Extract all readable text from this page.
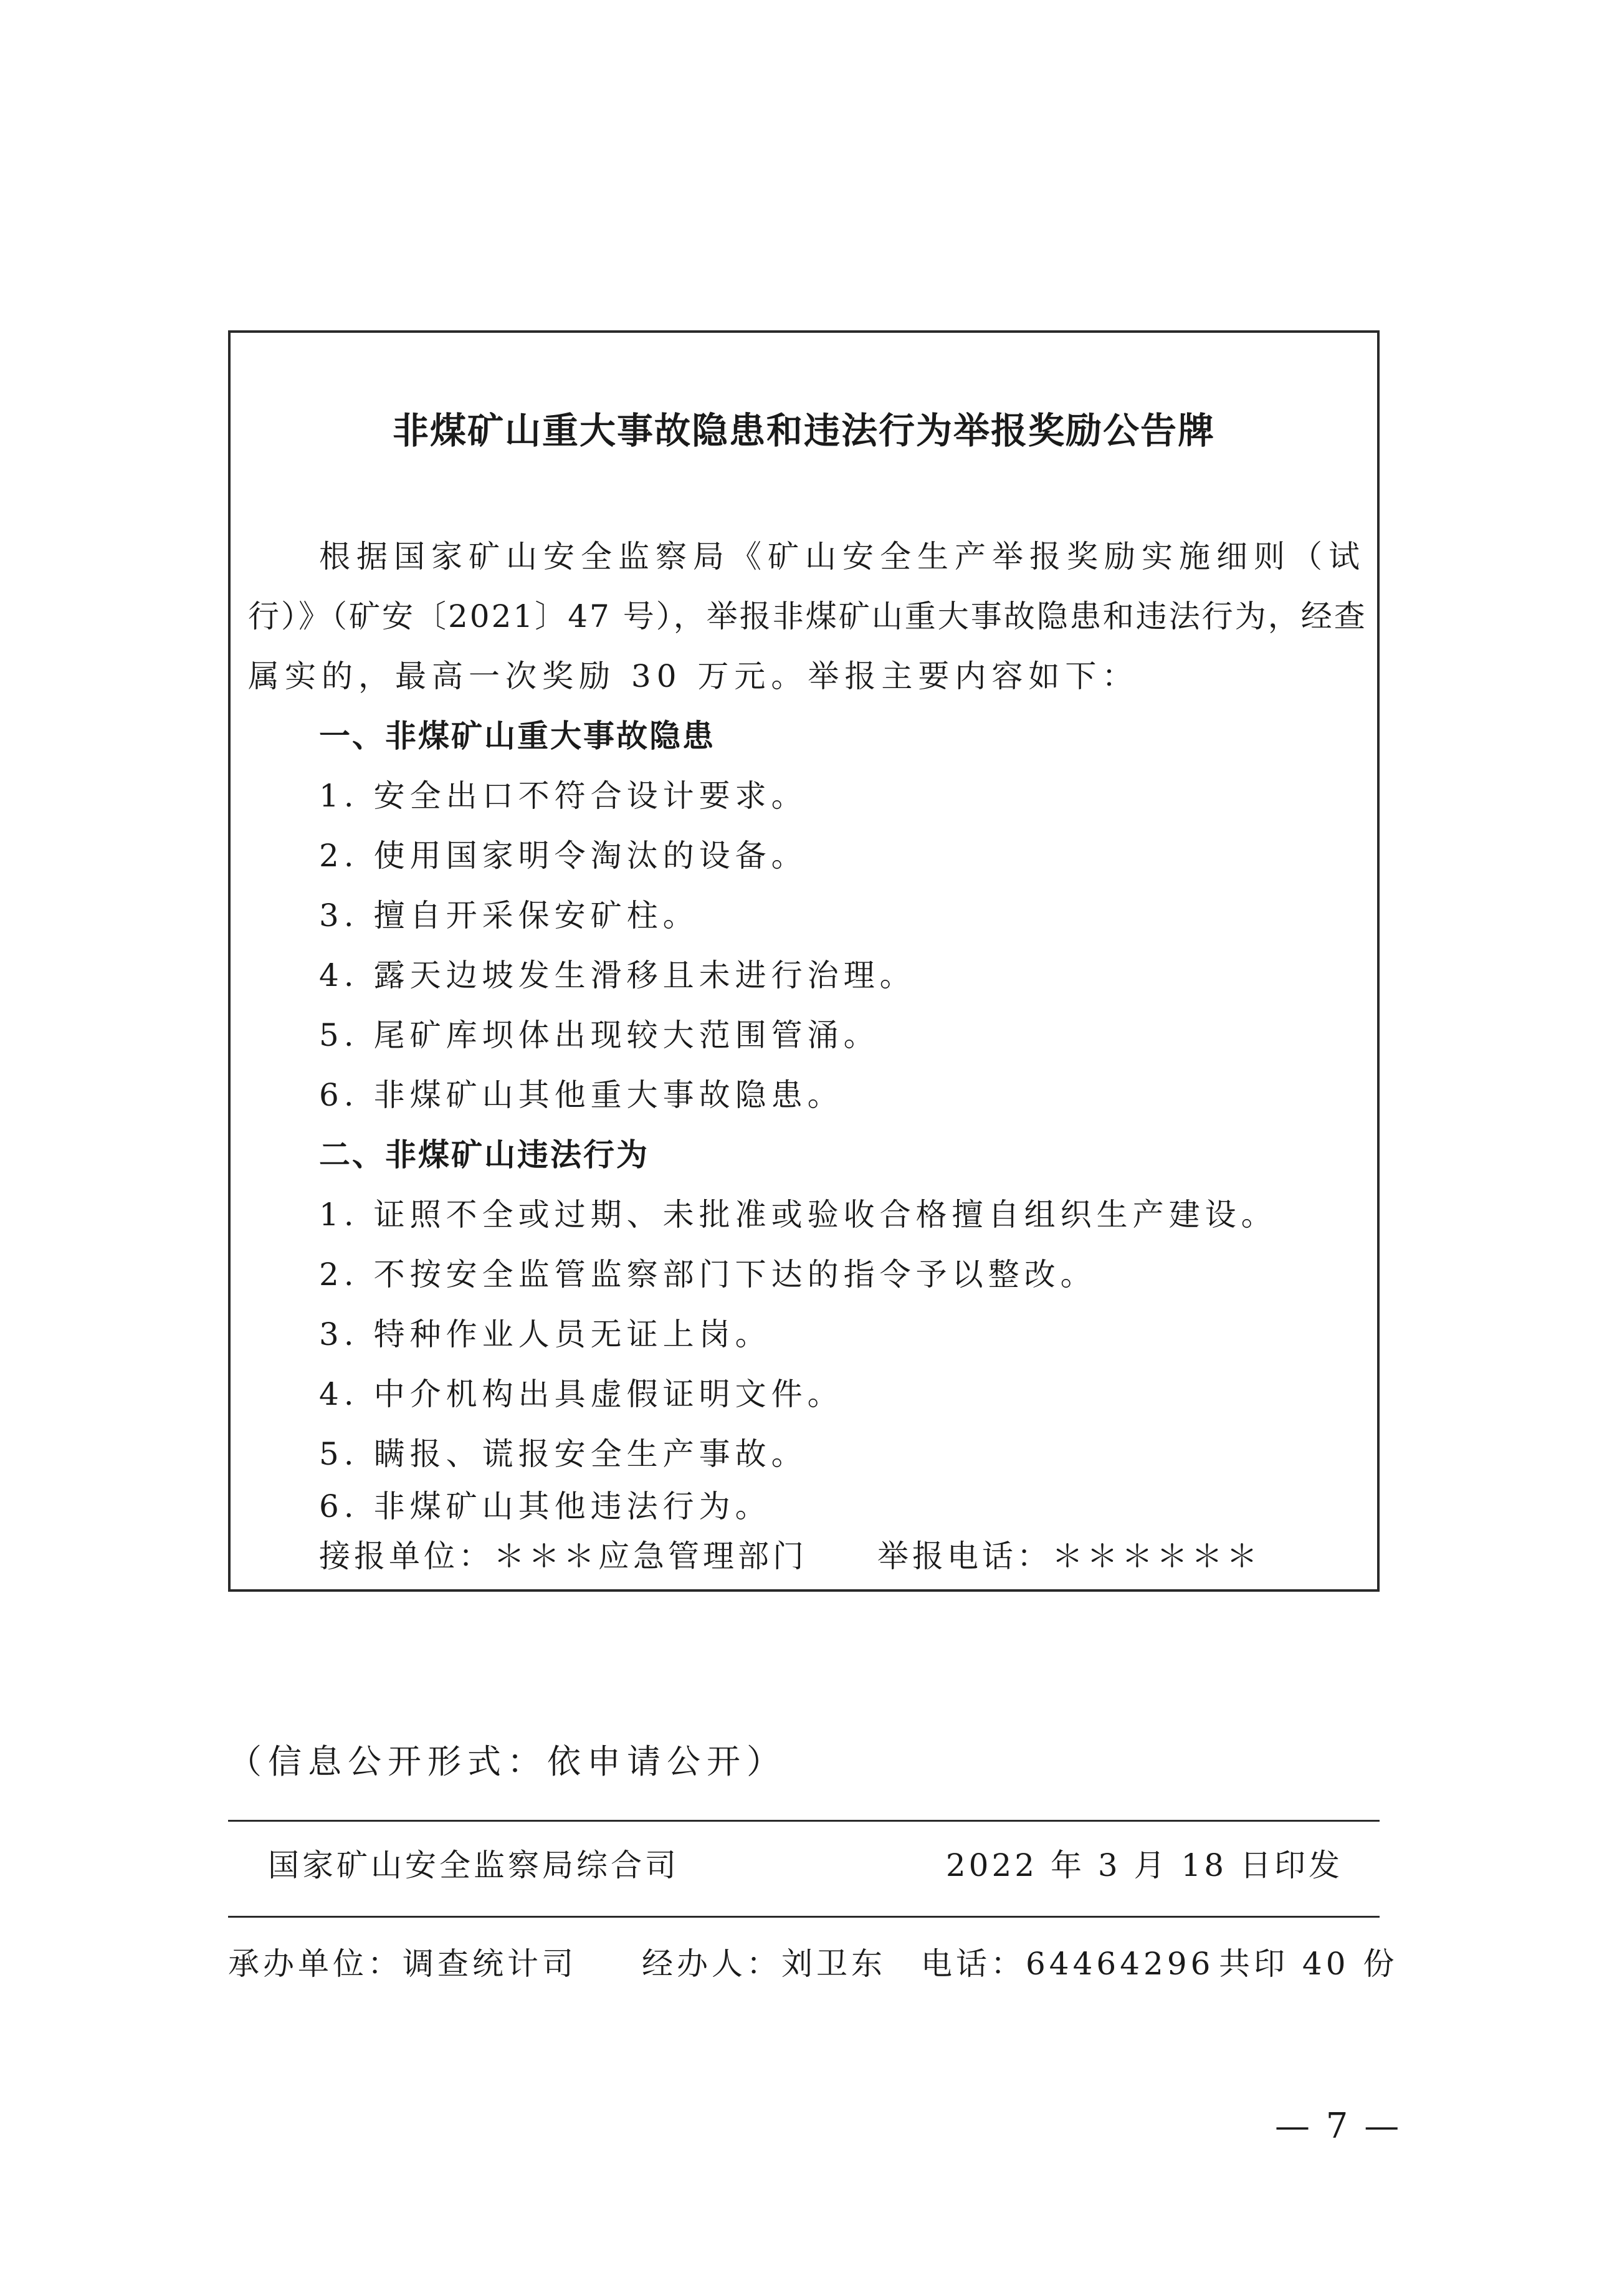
非煤矿山重大事故隐患和违法行为举报奖励公告牌
根据国家矿山安全监察局《矿山安全生产举报奖励实施细则（试
行）》（矿安〔2021〕47 号），举报非煤矿山重大事故隐患和违法行为，经查
属实的，最高一次奖励 30 万元。举报主要内容如下：
一、非煤矿山重大事故隐患
1. 安全出口不符合设计要求。
2. 使用国家明令淘汰的设备。
3. 擅自开采保安矿柱。
4. 露天边坡发生滑移且未进行治理。
5. 尾矿库坝体出现较大范围管涌。
6. 非煤矿山其他重大事故隐患。
二、非煤矿山违法行为
1. 证照不全或过期、未批准或验收合格擅自组织生产建设。
2. 不按安全监管监察部门下达的指令予以整改。
3. 特种作业人员无证上岗。
4. 中介机构出具虚假证明文件。
5. 瞒报、谎报安全生产事故。
6. 非煤矿山其他违法行为。
接报单位：＊＊＊应急管理部门 举报电话：＊＊＊＊＊＊
（信息公开形式：依申请公开）
国家矿山安全监察局综合司	2022 年 3 月 18 日印发
承办单位：调查统计司 经办人：刘卫东 电话：64464296 共印 40 份
— 7 —
